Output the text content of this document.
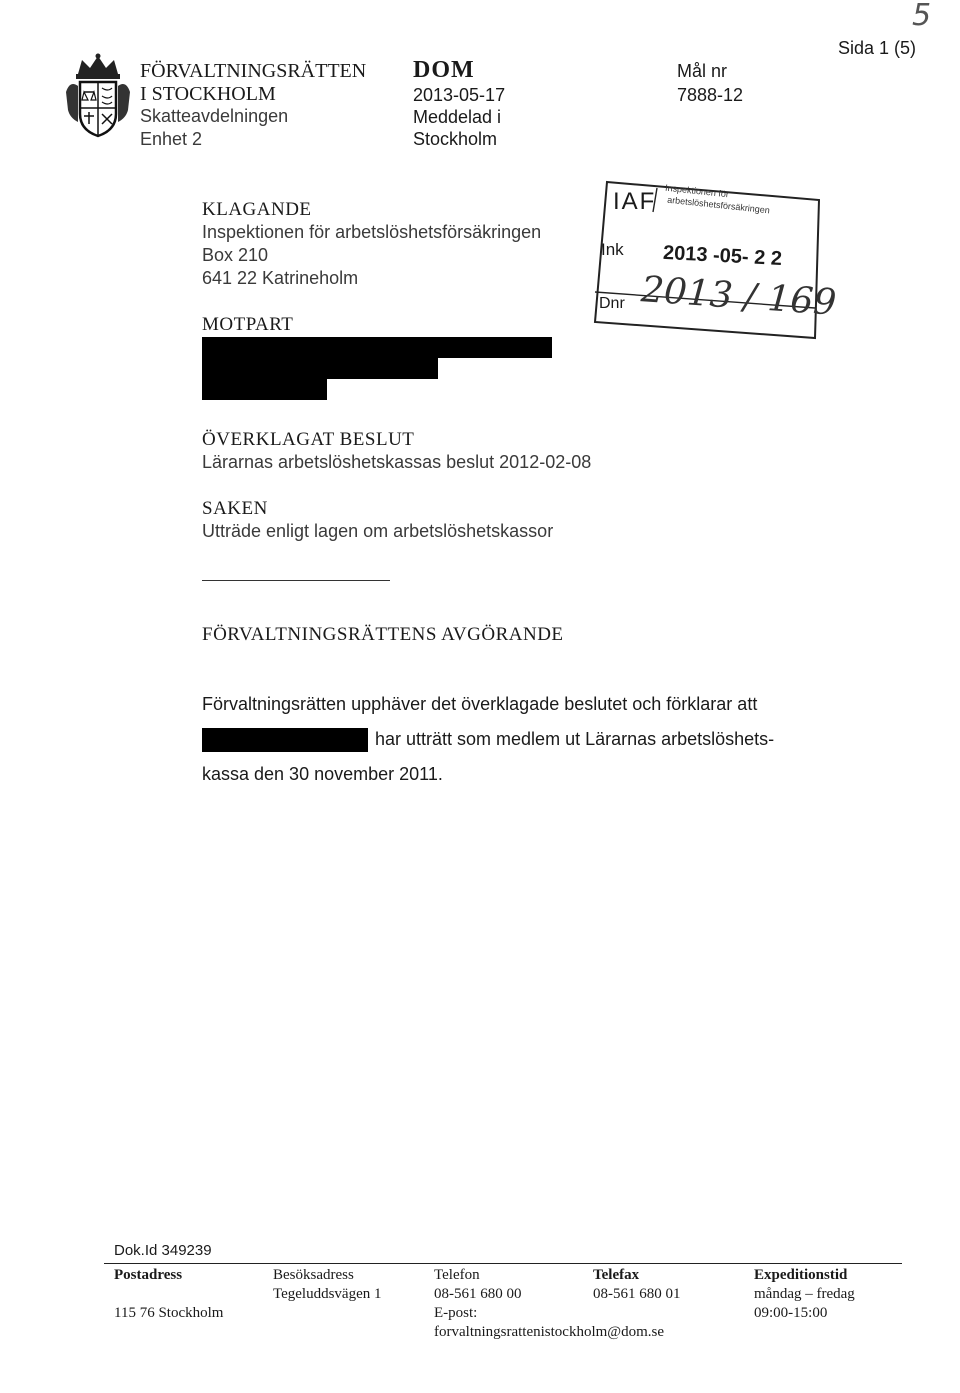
FÖRVALTNINGSRÄTTEN
I STOCKHOLM
Skatteavdelningen
Enhet 2
DOM
2013-05-17
Meddelad i
Stockholm
Mål nr
7888-12
Sida 1 (5)
5
KLAGANDE
Inspektionen för arbetslöshetsförsäkringen
Box 210
641 22 Katrineholm
MOTPART
IAF Inspektionen för
arbetslöshetsförsäkringen
Ink 2013 -05- 2 2
Dnr 2013 / 169
ÖVERKLAGAT BESLUT
Lärarnas arbetslöshetskassas beslut 2012-02-08
SAKEN
Utträde enligt lagen om arbetslöshetskassor
FÖRVALTNINGSRÄTTENS AVGÖRANDE
Förvaltningsrätten upphäver det överklagade beslutet och förklarar att
har utträtt som medlem ut Lärarnas arbetslöshets-
kassa den 30 november 2011.
Dok.Id 349239
Postadress
115 76 Stockholm
Besöksadress
Tegeluddsvägen 1
Telefon
08-561 680 00
E-post:
forvaltningsrattenistockholm@dom.se
Telefax
08-561 680 01
Expeditionstid
måndag – fredag
09:00-15:00
